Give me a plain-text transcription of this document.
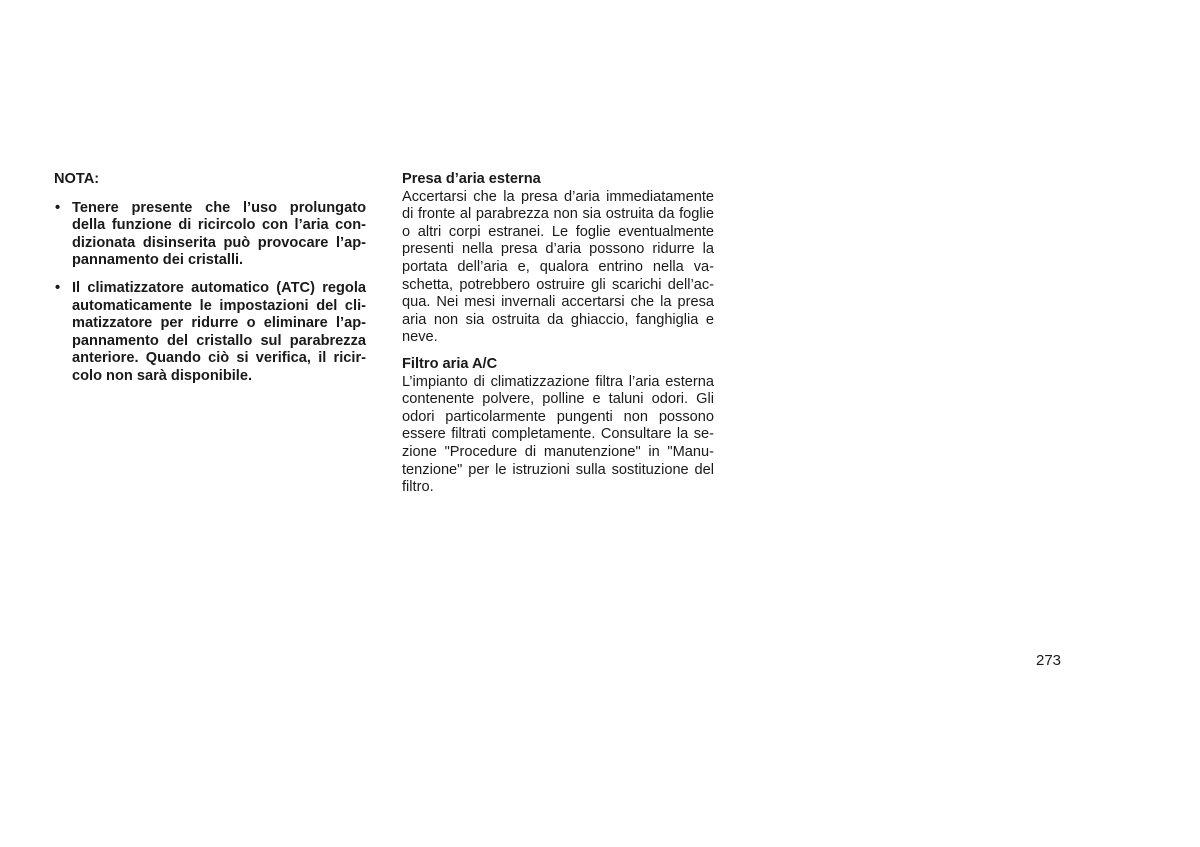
NOTA:

• Tenere presente che l’uso prolungato della funzione di ricircolo con l’aria condizionata disinserita può provocare l’appannamento dei cristalli.
• Il climatizzatore automatico (ATC) regola automaticamente le impostazioni del climatizzatore per ridurre o eliminare l’appannamento del cristallo sul parabrezza anteriore. Quando ciò si verifica, il ricircolo non sarà disponibile.

Presa d’aria esterna

Accertarsi che la presa d’aria immediatamente di fronte al parabrezza non sia ostruita da foglie o altri corpi estranei. Le foglie eventualmente presenti nella presa d’aria possono ridurre la portata dell’aria e, qualora entrino nella vaschetta, potrebbero ostruire gli scarichi dell’acqua. Nei mesi invernali accertarsi che la presa aria non sia ostruita da ghiaccio, fanghiglia e neve.

Filtro aria A/C

L’impianto di climatizzazione filtra l’aria esterna contenente polvere, polline e taluni odori. Gli odori particolarmente pungenti non possono essere filtrati completamente. Consultare la sezione "Procedure di manutenzione" in "Manutenzione" per le istruzioni sulla sostituzione del filtro.

273
